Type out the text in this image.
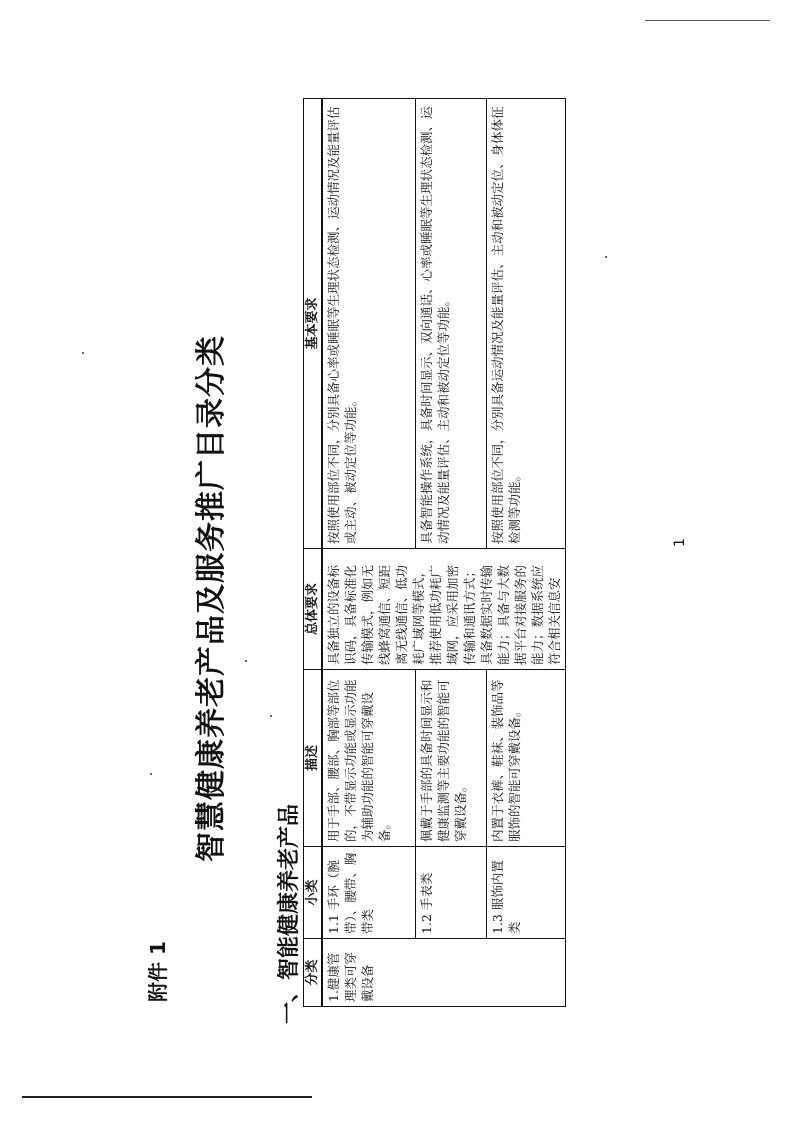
附件 1
智慧健康养老产品及服务推广目录分类
一、智能健康养老产品 分类	小类	描述	总体要求	基本要求
1.健康管理类可穿戴设备	1.1 手环（腕带）、腰带、胸带类	用于手部、腰部、胸部等部位的，不带显示功能或显示功能为辅助功能的智能可穿戴设备。	具备独立的设备标识码，具备标准化传输模式，例如无线蜂窝通信、短距离无线通信、低功耗广域网等模式，推荐使用低功耗广域网，应采用加密传输和通讯方式；具备数据实时传输能力；具备与大数据平台对接服务的能力；数据系统应符合相关信息安	按照使用部位不同，分别具备心率或睡眠等生理状态检测、运动情况及能量评估或主动、被动定位等功能。
	1.2 手表类	佩戴于手部的具备时间显示和健康监测等主要功能的智能可穿戴设备。		具备智能操作系统，具备时间显示、双向通话、心率或睡眠等生理状态检测、运动情况及能量评估、主动和被动定位等功能。
	1.3 服饰内置类	内置于衣裤、鞋袜、装饰品等服饰的智能可穿戴设备。		按照使用部位不同，分别具备运动情况及能量评估、主动和被动定位、身体体征检测等功能。	1
